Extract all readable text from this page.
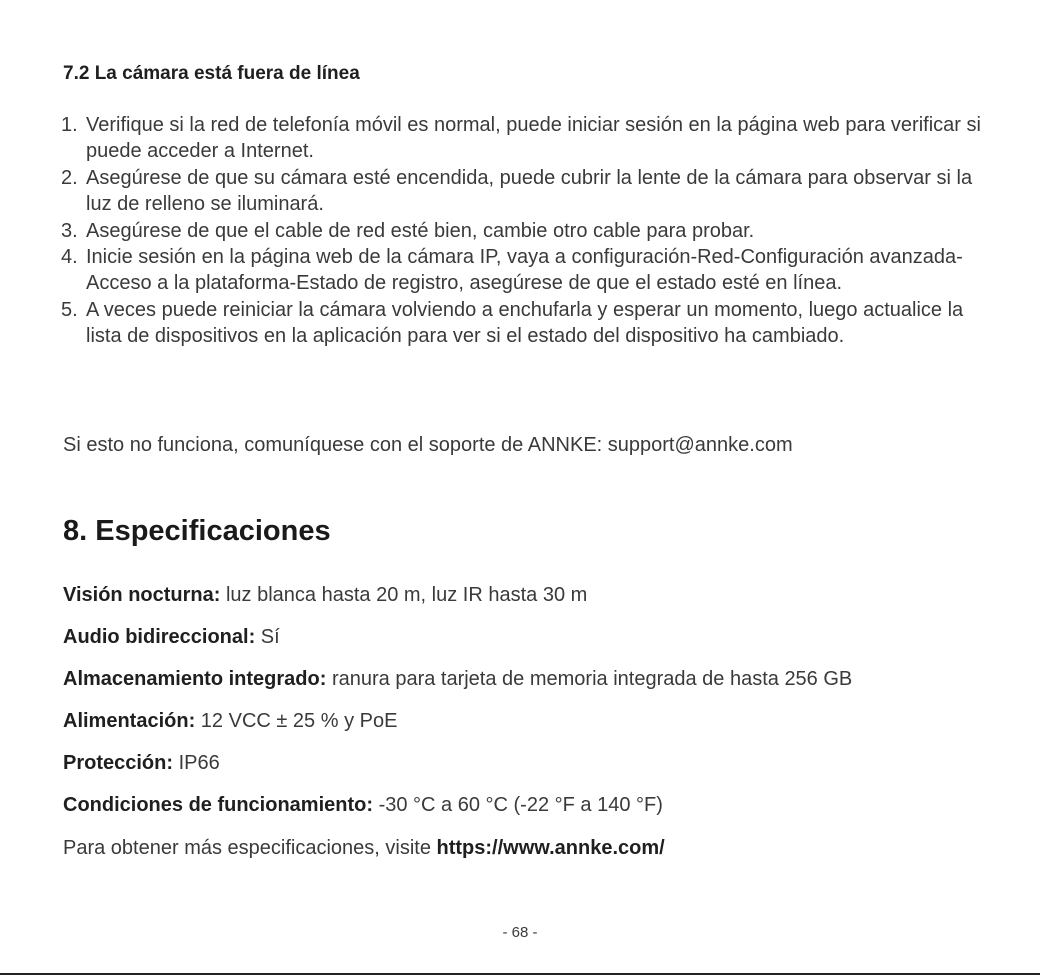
7.2 La cámara está fuera de línea
1. Verifique si la red de telefonía móvil es normal, puede iniciar sesión en la página web para verificar si puede acceder a Internet.
2. Asegúrese de que su cámara esté encendida, puede cubrir la lente de la cámara para observar si la luz de relleno se iluminará.
3. Asegúrese de que el cable de red esté bien, cambie otro cable para probar.
4. Inicie sesión en la página web de la cámara IP, vaya a configuración-Red-Configuración avanzada-Acceso a la plataforma-Estado de registro, asegúrese de que el estado esté en línea.
5. A veces puede reiniciar la cámara volviendo a enchufarla y esperar un momento, luego actualice la lista de dispositivos en la aplicación para ver si el estado del dispositivo ha cambiado.

Si esto no funciona, comuníquese con el soporte de ANNKE: support@annke.com

8. Especificaciones

Visión nocturna: luz blanca hasta 20 m, luz IR hasta 30 m

Audio bidireccional: Sí

Almacenamiento integrado: ranura para tarjeta de memoria integrada de hasta 256 GB

Alimentación: 12 VCC ± 25 % y PoE

Protección: IP66

Condiciones de funcionamiento: -30 °C a 60 °C (-22 °F a 140 °F)

Para obtener más especificaciones, visite https://www.annke.com/

- 68 -
